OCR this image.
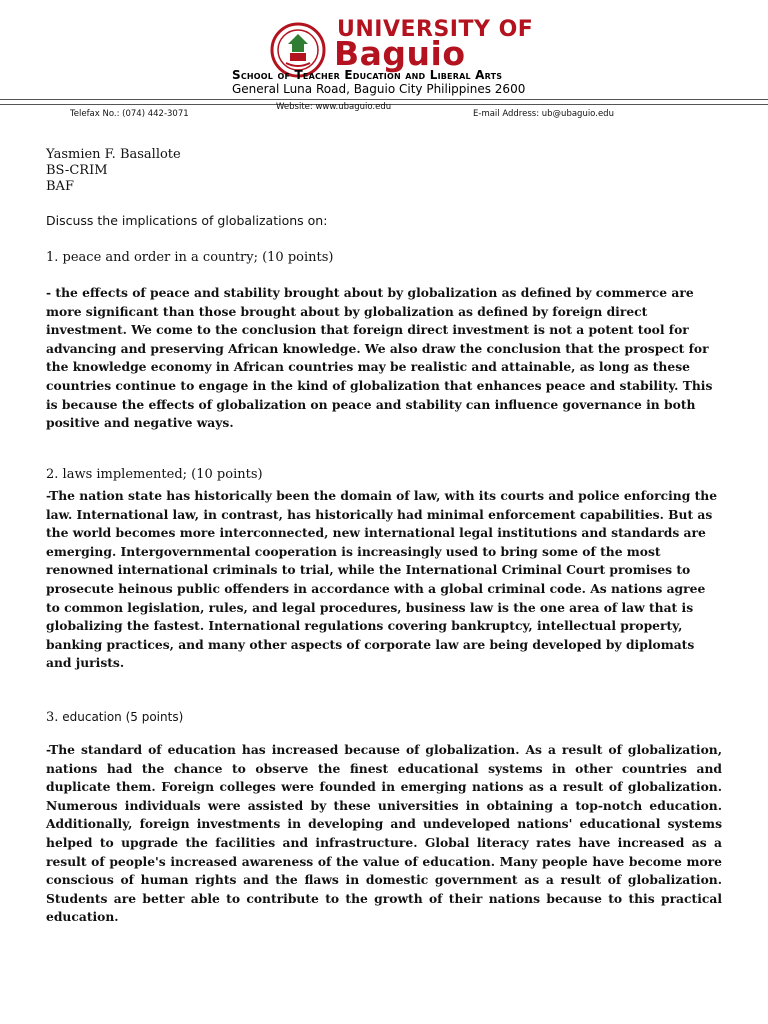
UNIVERSITY OF
Baguio
School of Teacher Education and Liberal Arts
General Luna Road, Baguio City Philippines 2600
Telefax No.: (074) 442-3071
Website: www.ubaguio.edu
E-mail Address: ub@ubaguio.edu
Yasmien F. Basallote
BS-CRIM
BAF
Discuss the implications of globalizations on:
1. peace and order in a country; (10 points)
- the effects of peace and stability brought about by globalization as defined by commerce are more significant than those brought about by globalization as defined by foreign direct investment. We come to the conclusion that foreign direct investment is not a potent tool for advancing and preserving African knowledge. We also draw the conclusion that the prospect for the knowledge economy in African countries may be realistic and attainable, as long as these countries continue to engage in the kind of globalization that enhances peace and stability. This is because the effects of globalization on peace and stability can influence governance in both positive and negative ways.
2. laws implemented; (10 points)
-The nation state has historically been the domain of law, with its courts and police enforcing the law. International law, in contrast, has historically had minimal enforcement capabilities. But as the world becomes more interconnected, new international legal institutions and standards are emerging. Intergovernmental cooperation is increasingly used to bring some of the most renowned international criminals to trial, while the International Criminal Court promises to prosecute heinous public offenders in accordance with a global criminal code. As nations agree to common legislation, rules, and legal procedures, business law is the one area of law that is globalizing the fastest. International regulations covering bankruptcy, intellectual property, banking practices, and many other aspects of corporate law are being developed by diplomats and jurists.
3. education (5 points)
-The standard of education has increased because of globalization. As a result of globalization, nations had the chance to observe the finest educational systems in other countries and duplicate them. Foreign colleges were founded in emerging nations as a result of globalization. Numerous individuals were assisted by these universities in obtaining a top-notch education. Additionally, foreign investments in developing and undeveloped nations' educational systems helped to upgrade the facilities and infrastructure. Global literacy rates have increased as a result of people's increased awareness of the value of education. Many people have become more conscious of human rights and the flaws in domestic government as a result of globalization. Students are better able to contribute to the growth of their nations because to this practical education.
